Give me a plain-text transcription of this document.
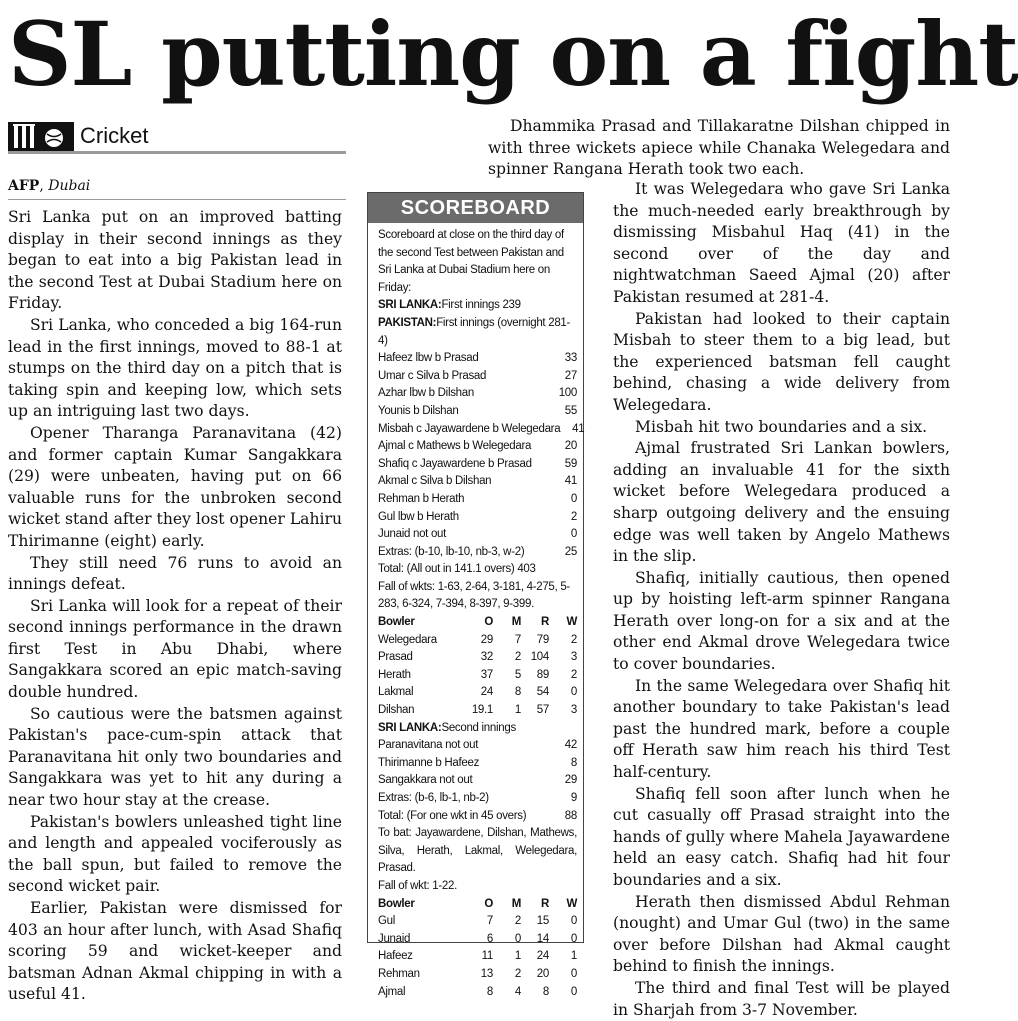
SL putting on a fight
Cricket
AFP, Dubai

Sri Lanka put on an improved batting display in their second innings as they began to eat into a big Pakistan lead in the second Test at Dubai Stadium here on Friday.

Sri Lanka, who conceded a big 164-run lead in the first innings, moved to 88-1 at stumps on the third day on a pitch that is taking spin and keeping low, which sets up an intriguing last two days.

Opener Tharanga Paranavitana (42) and former captain Kumar Sangakkara (29) were unbeaten, having put on 66 valuable runs for the unbroken second wicket stand after they lost opener Lahiru Thirimanne (eight) early.

They still need 76 runs to avoid an innings defeat.

Sri Lanka will look for a repeat of their second innings performance in the drawn first Test in Abu Dhabi, where Sangakkara scored an epic match-saving double hundred.

So cautious were the batsmen against Pakistan's pace-cum-spin attack that Paranavitana hit only two boundaries and Sangakkara was yet to hit any during a near two hour stay at the crease.

Pakistan's bowlers unleashed tight line and length and appealed vociferously as the ball spun, but failed to remove the second wicket pair.

Earlier, Pakistan were dismissed for 403 an hour after lunch, with Asad Shafiq scoring 59 and wicket-keeper and batsman Adnan Akmal chipping in with a useful 41.

Dhammika Prasad and Tillakaratne Dilshan chipped in with three wickets apiece while Chanaka Welegedara and spinner Rangana Herath took two each.

SCOREBOARD

Scoreboard at close on the third day of the second Test between Pakistan and Sri Lanka at Dubai Stadium here on Friday:

SRI LANKA:First innings 239
PAKISTAN:First innings (overnight 281-4)
Hafeez lbw b Prasad	33
Umar c Silva b Prasad	27
Azhar lbw b Dilshan	100
Younis b Dilshan	55
Misbah c Jayawardene b Welegedara	41
Ajmal c Mathews b Welegedara	20
Shafiq c Jayawardene b Prasad	59
Akmal c Silva b Dilshan	41
Rehman b Herath	0
Gul lbw b Herath	2
Junaid not out	0
Extras: (b-10, lb-10, nb-3, w-2)	25
Total: (All out in 141.1 overs) 403
Fall of wkts: 1-63, 2-64, 3-181, 4-275, 5-283, 6-324, 7-394, 8-397, 9-399.
Bowler	O	M	R	W
Welegedara	29	7	79	2
Prasad	32	2 104	3
Herath	37	5	89	2
Lakmal	24	8	54	0
Dilshan	19.1	1	57	3
SRI LANKA:Second innings
Paranavitana not out	42
Thirimanne b Hafeez	8
Sangakkara not out	29
Extras: (b-6, lb-1, nb-2)	9
Total: (For one wkt in 45 overs)	88
To bat: Jayawardene, Dilshan, Mathews, Silva, Herath, Lakmal, Welegedara, Prasad.
Fall of wkt: 1-22.
Bowler	O	M	R	W
Gul	7	2	15	0
Junaid	6	0	14	0
Hafeez	11	1	24	1
Rehman	13	2	20	0
Ajmal	8	4	8	0

It was Welegedara who gave Sri Lanka the much-needed early breakthrough by dismissing Misbahul Haq (41) in the second over of the day and nightwatchman Saeed Ajmal (20) after Pakistan resumed at 281-4.

Pakistan had looked to their captain Misbah to steer them to a big lead, but the experienced batsman fell caught behind, chasing a wide delivery from Welegedara.

Misbah hit two boundaries and a six.

Ajmal frustrated Sri Lankan bowlers, adding an invaluable 41 for the sixth wicket before Welegedara produced a sharp outgoing delivery and the ensuing edge was well taken by Angelo Mathews in the slip.

Shafiq, initially cautious, then opened up by hoisting left-arm spinner Rangana Herath over long-on for a six and at the other end Akmal drove Welegedara twice to cover boundaries.

In the same Welegedara over Shafiq hit another boundary to take Pakistan's lead past the hundred mark, before a couple off Herath saw him reach his third Test half-century.

Shafiq fell soon after lunch when he cut casually off Prasad straight into the hands of gully where Mahela Jayawardene held an easy catch. Shafiq had hit four boundaries and a six.

Herath then dismissed Abdul Rehman (nought) and Umar Gul (two) in the same over before Dilshan had Akmal caught behind to finish the innings.

The third and final Test will be played in Sharjah from 3-7 November.
